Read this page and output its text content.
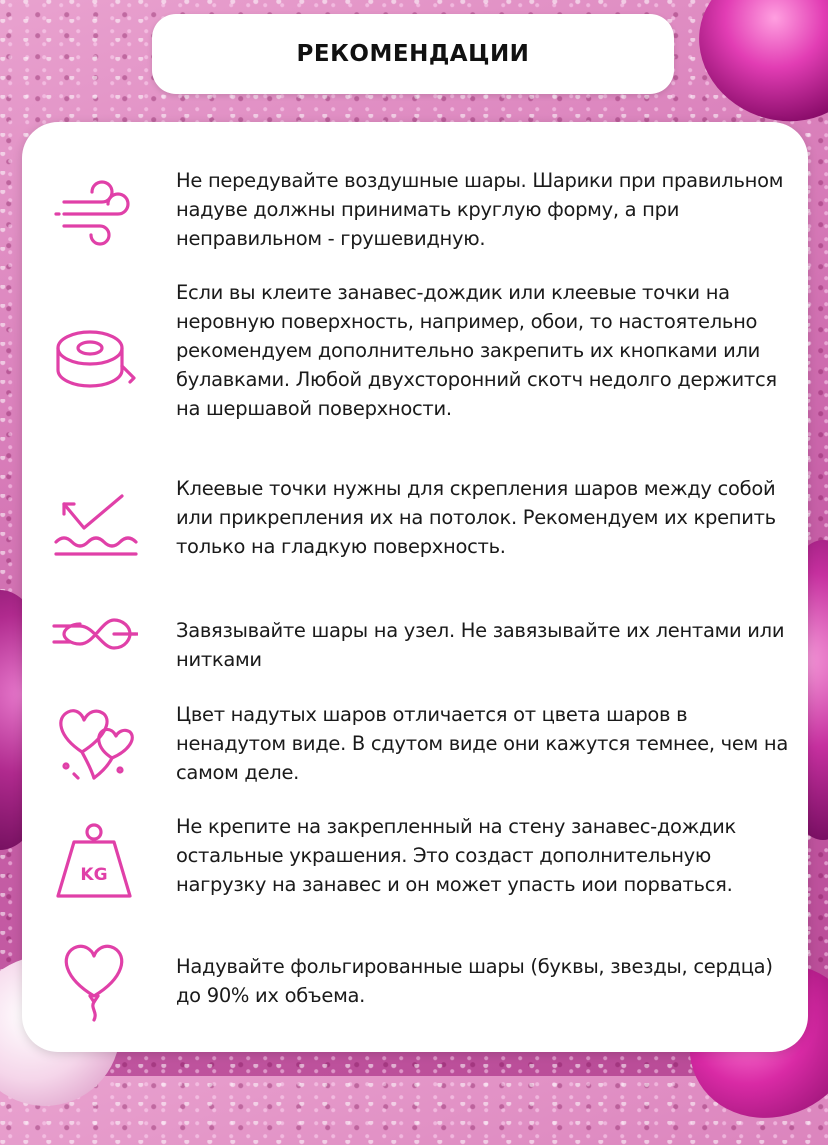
РЕКОМЕНДАЦИИ

Не передувайте воздушные шары. Шарики при правильном надуве должны принимать круглую форму, а при неправильном - грушевидную.

Если вы клеите занавес-дождик или клеевые точки на неровную поверхность, например, обои, то настоятельно рекомендуем дополнительно закрепить их кнопками или булавками. Любой двухсторонний скотч недолго держится на шершавой поверхности.

Клеевые точки нужны для скрепления шаров между собой или прикрепления их на потолок. Рекомендуем их крепить только на гладкую поверхность.

Завязывайте шары на узел. Не завязывайте их лентами или нитками

Цвет надутых шаров отличается от цвета шаров в ненадутом виде. В сдутом виде они кажутся темнее, чем на самом деле.

KG

Не крепите на закрепленный на стену занавес-дождик остальные украшения. Это создаст дополнительную нагрузку на занавес и он может упасть иои порваться.

Надувайте фольгированные шары (буквы, звезды, сердца) до 90% их объема.
